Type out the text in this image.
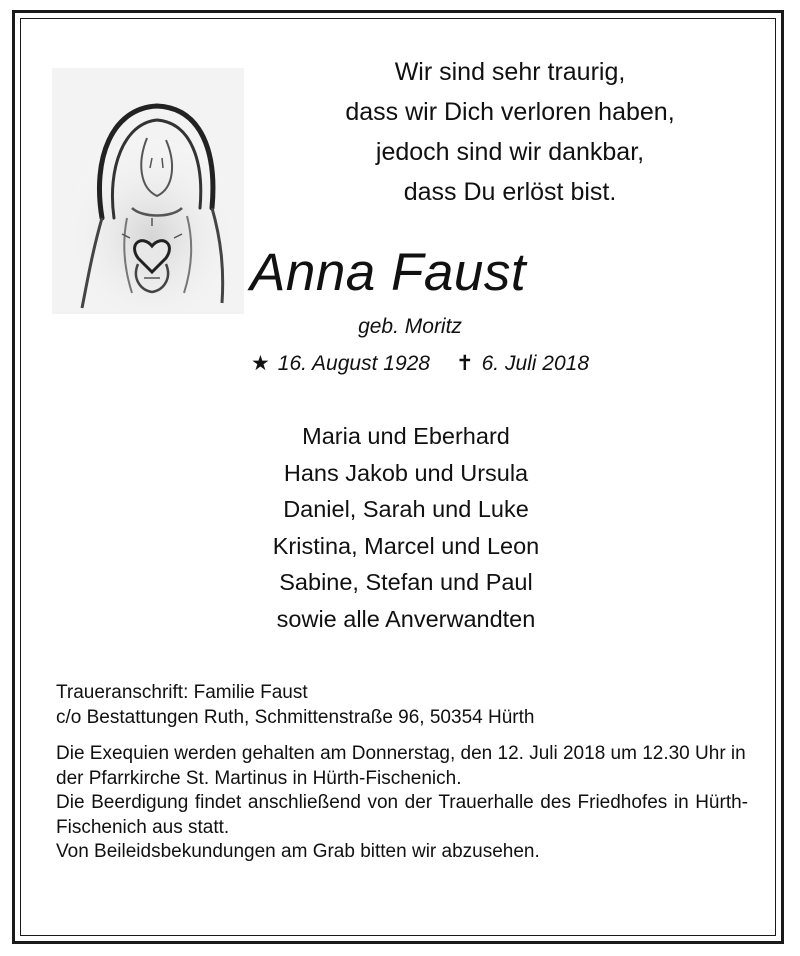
Wir sind sehr traurig,
dass wir Dich verloren haben,
jedoch sind wir dankbar,
dass Du erlöst bist.
Anna Faust
geb. Moritz
★ 16. August 1928 ✝ 6. Juli 2018
Maria und Eberhard
Hans Jakob und Ursula
Daniel, Sarah und Luke
Kristina, Marcel und Leon
Sabine, Stefan und Paul
sowie alle Anverwandten
Traueranschrift: Familie Faust
c/o Bestattungen Ruth, Schmittenstraße 96, 50354 Hürth

Die Exequien werden gehalten am Donnerstag, den 12. Juli 2018 um 12.30 Uhr in der Pfarrkirche St. Martinus in Hürth-Fischenich.

Die Beerdigung findet anschließend von der Trauerhalle des Friedhofes in Hürth-Fischenich aus statt.

Von Beileidsbekundungen am Grab bitten wir abzusehen.
